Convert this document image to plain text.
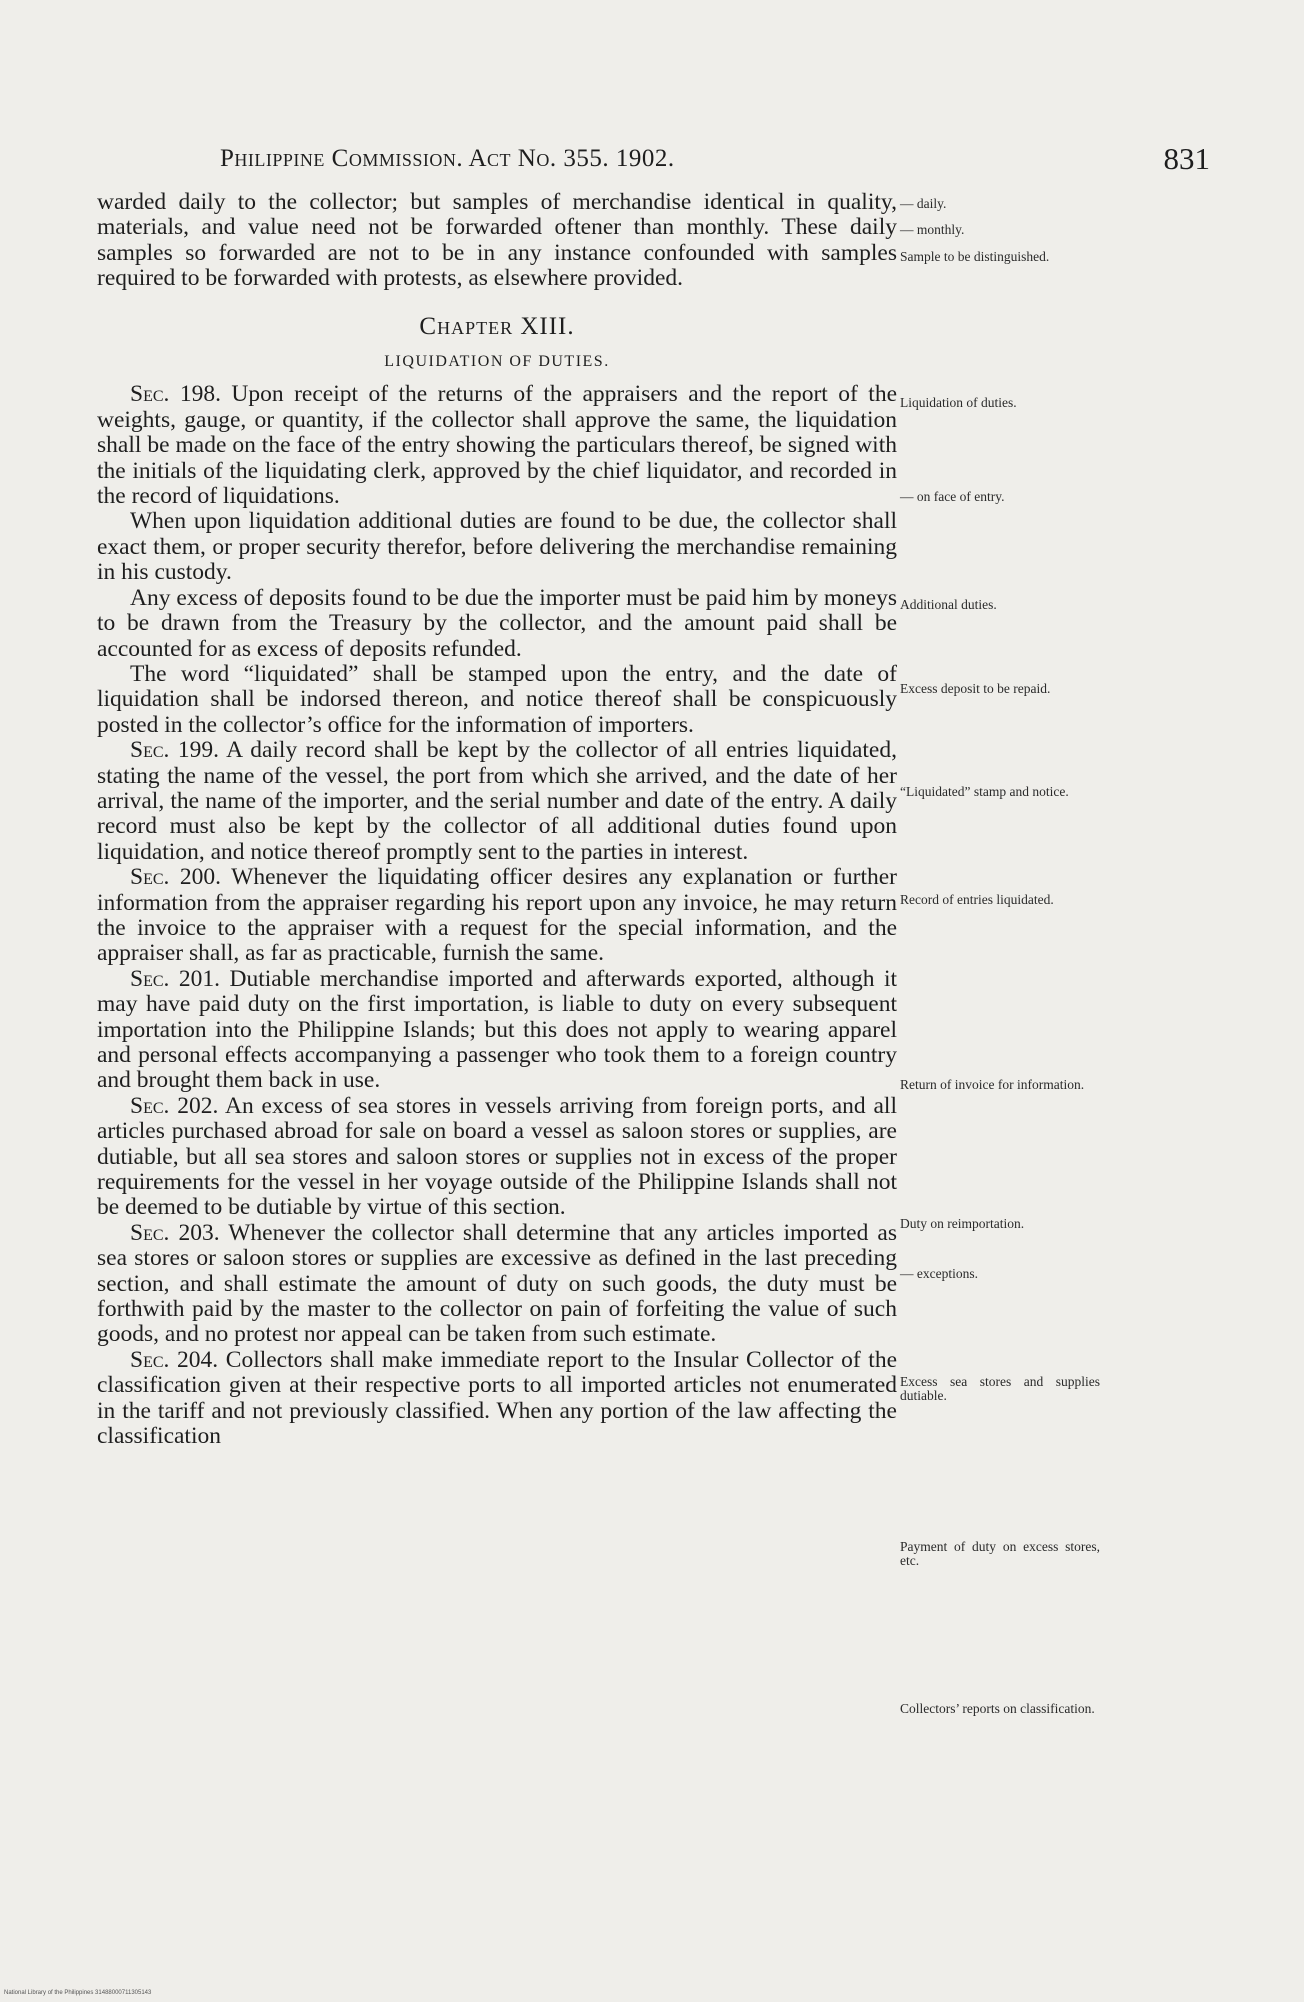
Philippine Commission. Act No. 355. 1902.	831

warded daily to the collector; but samples of merchandise identical in quality, materials, and value need not be forwarded oftener than monthly. These daily samples so forwarded are not to be in any instance confounded with samples required to be forwarded with protests, as elsewhere provided.

Chapter XIII.

LIQUIDATION OF DUTIES.

Sec. 198. Upon receipt of the returns of the appraisers and the report of the weights, gauge, or quantity, if the collector shall approve the same, the liquidation shall be made on the face of the entry showing the particulars thereof, be signed with the initials of the liquidating clerk, approved by the chief liquidator, and recorded in the record of liquidations.

When upon liquidation additional duties are found to be due, the collector shall exact them, or proper security therefor, before delivering the merchandise remaining in his custody.

Any excess of deposits found to be due the importer must be paid him by moneys to be drawn from the Treasury by the collector, and the amount paid shall be accounted for as excess of deposits refunded.

The word “liquidated” shall be stamped upon the entry, and the date of liquidation shall be indorsed thereon, and notice thereof shall be conspicuously posted in the collector’s office for the information of importers.

Sec. 199. A daily record shall be kept by the collector of all entries liquidated, stating the name of the vessel, the port from which she arrived, and the date of her arrival, the name of the importer, and the serial number and date of the entry. A daily record must also be kept by the collector of all additional duties found upon liquidation, and notice thereof promptly sent to the parties in interest.

Sec. 200. Whenever the liquidating officer desires any explanation or further information from the appraiser regarding his report upon any invoice, he may return the invoice to the appraiser with a request for the special information, and the appraiser shall, as far as practicable, furnish the same.

Sec. 201. Dutiable merchandise imported and afterwards exported, although it may have paid duty on the first importation, is liable to duty on every subsequent importation into the Philippine Islands; but this does not apply to wearing apparel and personal effects accompanying a passenger who took them to a foreign country and brought them back in use.

Sec. 202. An excess of sea stores in vessels arriving from foreign ports, and all articles purchased abroad for sale on board a vessel as saloon stores or supplies, are dutiable, but all sea stores and saloon stores or supplies not in excess of the proper requirements for the vessel in her voyage outside of the Philippine Islands shall not be deemed to be dutiable by virtue of this section.

Sec. 203. Whenever the collector shall determine that any articles imported as sea stores or saloon stores or supplies are excessive as defined in the last preceding section, and shall estimate the amount of duty on such goods, the duty must be forthwith paid by the master to the collector on pain of forfeiting the value of such goods, and no protest nor appeal can be taken from such estimate.

Sec. 204. Collectors shall make immediate report to the Insular Collector of the classification given at their respective ports to all imported articles not enumerated in the tariff and not previously classified. When any portion of the law affecting the classification

— daily.
— monthly.
Sample to be distinguished.
Liquidation of duties.
— on face of entry.
Additional duties.
Excess deposit to be repaid.
“Liquidated” stamp and notice.
Record of entries liquidated.
Return of invoice for information.
Duty on reimportation.
— exceptions.
Excess sea stores and supplies dutiable.
Payment of duty on excess stores, etc.
Collectors’ reports on classification.
National Library of the Philippines 31488000711305143
